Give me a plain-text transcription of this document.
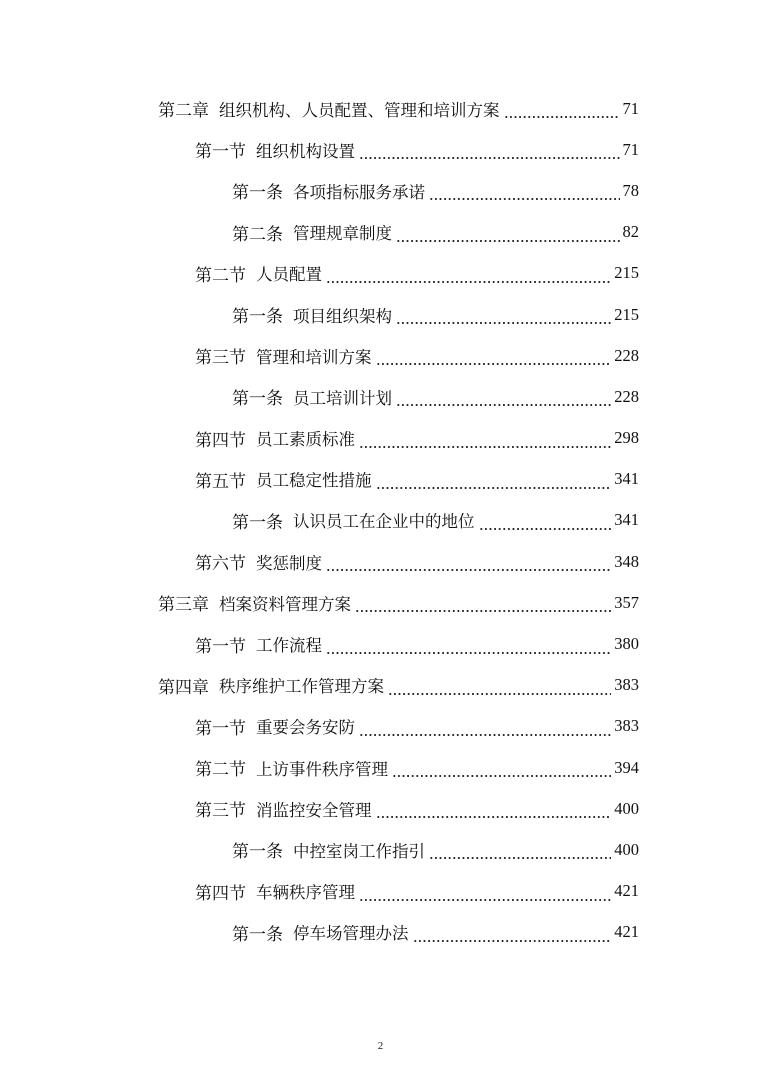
第二章 组织机构、人员配置、管理和培训方案	71
第一节 组织机构设置	71
第一条 各项指标服务承诺	78
第二条 管理规章制度	82
第二节 人员配置	215
第一条 项目组织架构	215
第三节 管理和培训方案	228
第一条 员工培训计划	228
第四节 员工素质标准	298
第五节 员工稳定性措施	341
第一条 认识员工在企业中的地位	341
第六节 奖惩制度	348
第三章 档案资料管理方案	357
第一节 工作流程	380
第四章 秩序维护工作管理方案	383
第一节 重要会务安防	383
第二节 上访事件秩序管理	394
第三节 消监控安全管理	400
第一条 中控室岗工作指引	400
第四节 车辆秩序管理	421
第一条 停车场管理办法	421
2
